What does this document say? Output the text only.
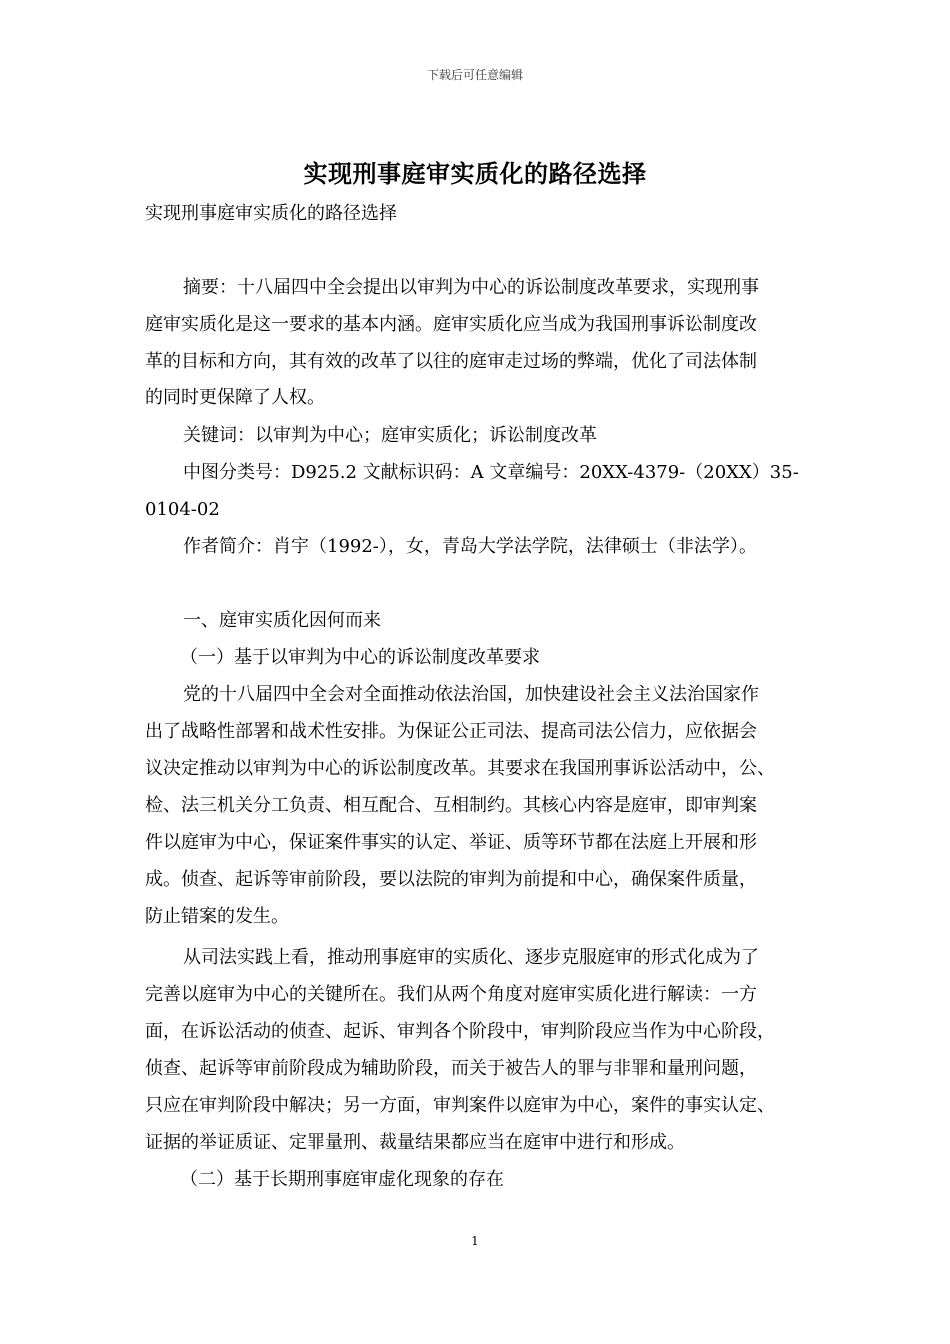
下载后可任意编辑
实现刑事庭审实质化的路径选择
实现刑事庭审实质化的路径选择
摘要：十八届四中全会提出以审判为中心的诉讼制度改革要求，实现刑事
庭审实质化是这一要求的基本内涵。庭审实质化应当成为我国刑事诉讼制度改
革的目标和方向，其有效的改革了以往的庭审走过场的弊端，优化了司法体制
的同时更保障了人权。
关键词：以审判为中心；庭审实质化；诉讼制度改革
中图分类号：D925.2 文献标识码：A 文章编号：20XX-4379-（20XX）35-
0104-02
作者简介：肖宇（1992-），女，青岛大学法学院，法律硕士（非法学）。
一、庭审实质化因何而来
（一）基于以审判为中心的诉讼制度改革要求
党的十八届四中全会对全面推动依法治国，加快建设社会主义法治国家作
出了战略性部署和战术性安排。为保证公正司法、提高司法公信力，应依据会
议决定推动以审判为中心的诉讼制度改革。其要求在我国刑事诉讼活动中，公、
检、法三机关分工负责、相互配合、互相制约。其核心内容是庭审，即审判案
件以庭审为中心，保证案件事实的认定、举证、质等环节都在法庭上开展和形
成。侦查、起诉等审前阶段，要以法院的审判为前提和中心，确保案件质量，
防止错案的发生。
从司法实践上看，推动刑事庭审的实质化、逐步克服庭审的形式化成为了
完善以庭审为中心的关键所在。我们从两个角度对庭审实质化进行解读：一方
面，在诉讼活动的侦查、起诉、审判各个阶段中，审判阶段应当作为中心阶段，
侦查、起诉等审前阶段成为辅助阶段，而关于被告人的罪与非罪和量刑问题，
只应在审判阶段中解决；另一方面，审判案件以庭审为中心，案件的事实认定、
证据的举证质证、定罪量刑、裁量结果都应当在庭审中进行和形成。
（二）基于长期刑事庭审虚化现象的存在
1
